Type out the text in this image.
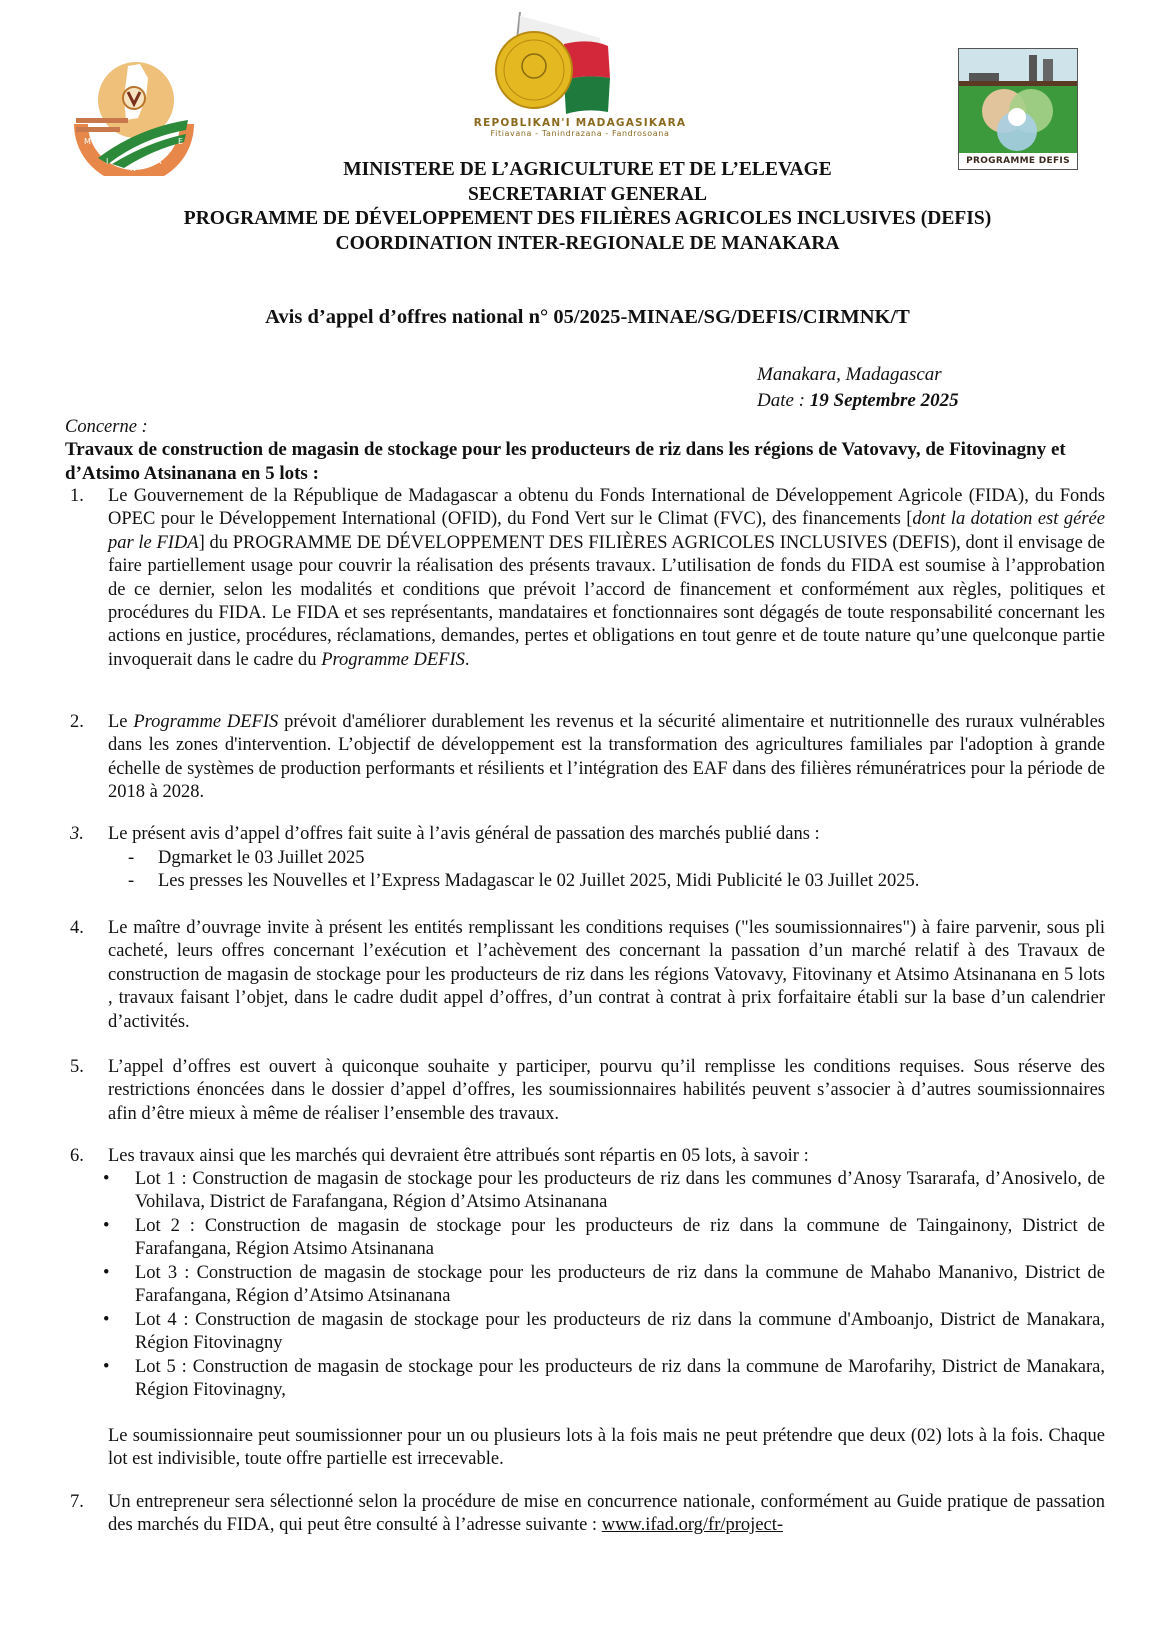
M
I
N
A
E
REPOBLIKAN'I MADAGASIKARA
Fitiavana - Tanindrazana - Fandrosoana
PROGRAMME DEFIS
MINISTERE DE L’AGRICULTURE ET DE L’ELEVAGE
SECRETARIAT GENERAL
PROGRAMME DE DÉVELOPPEMENT DES FILIÈRES AGRICOLES INCLUSIVES (DEFIS)
COORDINATION INTER-REGIONALE DE MANAKARA
Avis d’appel d’offres national n° 05/2025-MINAE/SG/DEFIS/CIRMNK/T
Manakara, Madagascar
Date : 19 Septembre 2025
Concerne :
Travaux de construction de magasin de stockage pour les producteurs de riz dans les régions de Vatovavy, de Fitovinagny et d’Atsimo Atsinanana en 5 lots :
1. Le Gouvernement de la République de Madagascar a obtenu du Fonds International de Développement Agricole (FIDA), du Fonds OPEC pour le Développement International (OFID), du Fond Vert sur le Climat (FVC), des financements [dont la dotation est gérée par le FIDA] du PROGRAMME DE DÉVELOPPEMENT DES FILIÈRES AGRICOLES INCLUSIVES (DEFIS), dont il envisage de faire partiellement usage pour couvrir la réalisation des présents travaux. L’utilisation de fonds du FIDA est soumise à l’approbation de ce dernier, selon les modalités et conditions que prévoit l’accord de financement et conformément aux règles, politiques et procédures du FIDA. Le FIDA et ses représentants, mandataires et fonctionnaires sont dégagés de toute responsabilité concernant les actions en justice, procédures, réclamations, demandes, pertes et obligations en tout genre et de toute nature qu’une quelconque partie invoquerait dans le cadre du Programme DEFIS.
2. Le Programme DEFIS prévoit d'améliorer durablement les revenus et la sécurité alimentaire et nutritionnelle des ruraux vulnérables dans les zones d'intervention. L’objectif de développement est la transformation des agricultures familiales par l'adoption à grande échelle de systèmes de production performants et résilients et l’intégration des EAF dans des filières rémunératrices pour la période de 2018 à 2028.
3. Le présent avis d’appel d’offres fait suite à l’avis général de passation des marchés publié dans :
- Dgmarket le 03 Juillet 2025
- Les presses les Nouvelles et l’Express Madagascar le 02 Juillet 2025, Midi Publicité le 03 Juillet 2025.
4. Le maître d’ouvrage invite à présent les entités remplissant les conditions requises ("les soumissionnaires") à faire parvenir, sous pli cacheté, leurs offres concernant l’exécution et l’achèvement des concernant la passation d’un marché relatif à des Travaux de construction de magasin de stockage pour les producteurs de riz dans les régions Vatovavy, Fitovinany et Atsimo Atsinanana en 5 lots , travaux faisant l’objet, dans le cadre dudit appel d’offres, d’un contrat à contrat à prix forfaitaire établi sur la base d’un calendrier d’activités.
5. L’appel d’offres est ouvert à quiconque souhaite y participer, pourvu qu’il remplisse les conditions requises. Sous réserve des restrictions énoncées dans le dossier d’appel d’offres, les soumissionnaires habilités peuvent s’associer à d’autres soumissionnaires afin d’être mieux à même de réaliser l’ensemble des travaux.
6. Les travaux ainsi que les marchés qui devraient être attribués sont répartis en 05 lots, à savoir :
• Lot 1 : Construction de magasin de stockage pour les producteurs de riz dans les communes d’Anosy Tsararafa, d’Anosivelo, de Vohilava, District de Farafangana, Région d’Atsimo Atsinanana
• Lot 2 : Construction de magasin de stockage pour les producteurs de riz dans la commune de Taingainony, District de Farafangana, Région Atsimo Atsinanana
• Lot 3 : Construction de magasin de stockage pour les producteurs de riz dans la commune de Mahabo Mananivo, District de Farafangana, Région d’Atsimo Atsinanana
• Lot 4 : Construction de magasin de stockage pour les producteurs de riz dans la commune d'Amboanjo, District de Manakara, Région Fitovinagny
• Lot 5 : Construction de magasin de stockage pour les producteurs de riz dans la commune de Marofarihy, District de Manakara, Région Fitovinagny,
Le soumissionnaire peut soumissionner pour un ou plusieurs lots à la fois mais ne peut prétendre que deux (02) lots à la fois. Chaque lot est indivisible, toute offre partielle est irrecevable.
7. Un entrepreneur sera sélectionné selon la procédure de mise en concurrence nationale, conformément au Guide pratique de passation des marchés du FIDA, qui peut être consulté à l’adresse suivante : www.ifad.org/fr/project-
